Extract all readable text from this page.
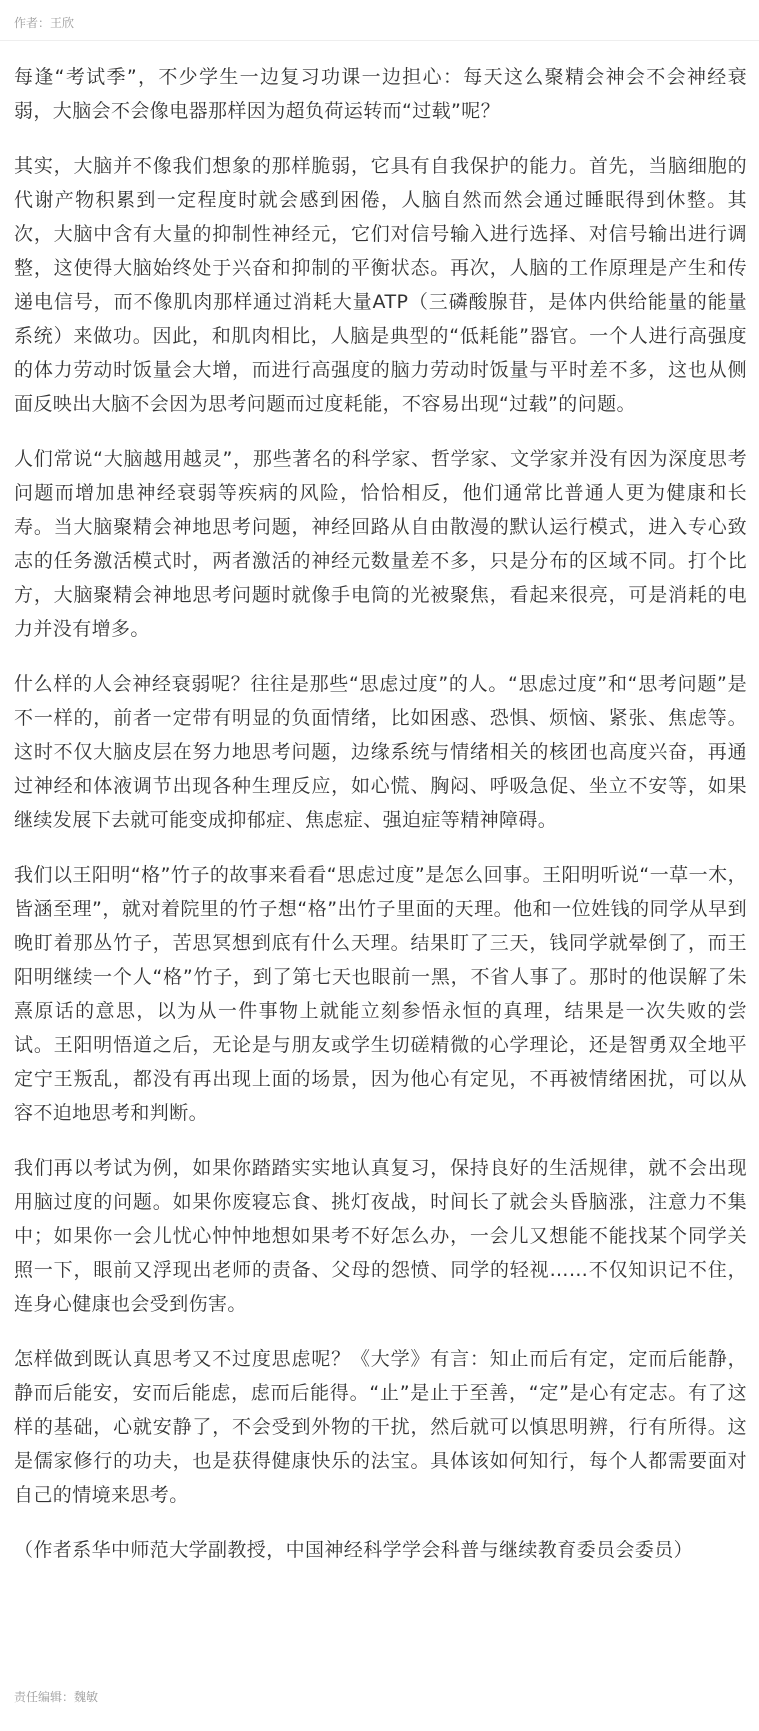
作者：王欣

每逢“考试季”，不少学生一边复习功课一边担心：每天这么聚精会神会不会神经衰弱，大脑会不会像电器那样因为超负荷运转而“过载”呢？

其实，大脑并不像我们想象的那样脆弱，它具有自我保护的能力。首先，当脑细胞的代谢产物积累到一定程度时就会感到困倦，人脑自然而然会通过睡眠得到休整。其次，大脑中含有大量的抑制性神经元，它们对信号输入进行选择、对信号输出进行调整，这使得大脑始终处于兴奋和抑制的平衡状态。再次，人脑的工作原理是产生和传递电信号，而不像肌肉那样通过消耗大量ATP（三磷酸腺苷，是体内供给能量的能量系统）来做功。因此，和肌肉相比，人脑是典型的“低耗能”器官。一个人进行高强度的体力劳动时饭量会大增，而进行高强度的脑力劳动时饭量与平时差不多，这也从侧面反映出大脑不会因为思考问题而过度耗能，不容易出现“过载”的问题。

人们常说“大脑越用越灵”，那些著名的科学家、哲学家、文学家并没有因为深度思考问题而增加患神经衰弱等疾病的风险，恰恰相反，他们通常比普通人更为健康和长寿。当大脑聚精会神地思考问题，神经回路从自由散漫的默认运行模式，进入专心致志的任务激活模式时，两者激活的神经元数量差不多，只是分布的区域不同。打个比方，大脑聚精会神地思考问题时就像手电筒的光被聚焦，看起来很亮，可是消耗的电力并没有增多。

什么样的人会神经衰弱呢？往往是那些“思虑过度”的人。“思虑过度”和“思考问题”是不一样的，前者一定带有明显的负面情绪，比如困惑、恐惧、烦恼、紧张、焦虑等。这时不仅大脑皮层在努力地思考问题，边缘系统与情绪相关的核团也高度兴奋，再通过神经和体液调节出现各种生理反应，如心慌、胸闷、呼吸急促、坐立不安等，如果继续发展下去就可能变成抑郁症、焦虑症、强迫症等精神障碍。

我们以王阳明“格”竹子的故事来看看“思虑过度”是怎么回事。王阳明听说“一草一木，皆涵至理”，就对着院里的竹子想“格”出竹子里面的天理。他和一位姓钱的同学从早到晚盯着那丛竹子，苦思冥想到底有什么天理。结果盯了三天，钱同学就晕倒了，而王阳明继续一个人“格”竹子，到了第七天也眼前一黑，不省人事了。那时的他误解了朱熹原话的意思，以为从一件事物上就能立刻参悟永恒的真理，结果是一次失败的尝试。王阳明悟道之后，无论是与朋友或学生切磋精微的心学理论，还是智勇双全地平定宁王叛乱，都没有再出现上面的场景，因为他心有定见，不再被情绪困扰，可以从容不迫地思考和判断。

我们再以考试为例，如果你踏踏实实地认真复习，保持良好的生活规律，就不会出现用脑过度的问题。如果你废寝忘食、挑灯夜战，时间长了就会头昏脑涨，注意力不集中；如果你一会儿忧心忡忡地想如果考不好怎么办，一会儿又想能不能找某个同学关照一下，眼前又浮现出老师的责备、父母的怨愤、同学的轻视……不仅知识记不住，连身心健康也会受到伤害。

怎样做到既认真思考又不过度思虑呢？《大学》有言：知止而后有定，定而后能静，静而后能安，安而后能虑，虑而后能得。“止”是止于至善，“定”是心有定志。有了这样的基础，心就安静了，不会受到外物的干扰，然后就可以慎思明辨，行有所得。这是儒家修行的功夫，也是获得健康快乐的法宝。具体该如何知行，每个人都需要面对自己的情境来思考。

（作者系华中师范大学副教授，中国神经科学学会科普与继续教育委员会委员）

责任编辑：魏敏
